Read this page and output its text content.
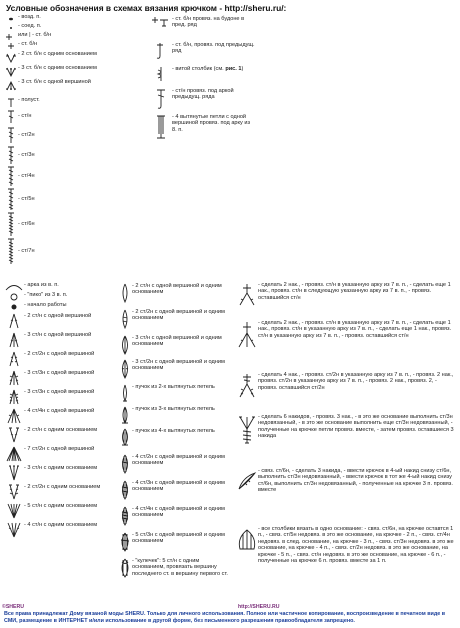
Условные обозначения в схемах вязания крючком - http://sheru.ru/:
- возд. п.
- соед. п.
или | - ст. б/н
- ст. б/н
- 2 ст. б/н с одним основанием
- 3 ст. б/н с одним основанием
- 3 ст. б/н с одной вершиной
- полуст.
- ст/н
- ст/2н
- ст/3н
- ст/4н
- ст/5н
- ст/6н
- ст/7н
- ст. б/н провяз. на будоне в пред. ряд
- ст. б/н, провяз. под предыдущ. ряд
- витой столбик (см. рис. 1)
- ст/н провяз. под аркой предыдущ. ряда
- 4 вытянутые петли с одной вершиной провяз. под арку из 8. п.
- арка из в. п.
- "пико" из 3 в. п.
- начало работы
- 2 ст/н с одной вершиной
- 3 ст/н с одной вершиной
- 2 ст/2н с одной вершиной
- 3 ст/3н с одной вершиной
- 3 ст/3н с одной вершиной
- 4 ст/4н с одной вершиной
- 2 ст/н с одним основанием
- 7 ст/2н с одной вершиной
- 3 ст/н с одним основанием
- 2 ст/2н с одним основанием
- 5 ст/н с одним основанием
- 4 ст/н с одним основанием
- 2 ст/н с одной вершиной и одним основанием
- 2 ст/2н с одной вершиной и одним основанием
- 3 ст/н с одной вершиной и одним основанием
- 3 ст/2н с одной вершиной и одним основанием
- пучок из 2-х вытянутых петель
- пучок из 3-х вытянутых петель
- пучок из 4-х вытянутых петель
- 4 ст/2н с одной вершиной и одним основанием
- 4 ст/3н с одной вершиной и одним основанием
- 4 ст/4н с одной вершиной и одним основанием
- 5 ст/3н с одной вершиной и одним основанием
- "кулечек": 5 ст/н с одним основанием, провязать вершину последнего ст. в вершину первого ст.
- сделать 2 нак., - провяз. ст/н в указанную арку из 7 в. п., - сделать еще 1 нак., провяз. ст/н в следующую указанную арку из 7 в. п., - провяз. оставшийся ст/н
- сделать 2 нак., - провяз. ст/н в указанную арку из 7 в. п., - сделать еще 1 нак., провяз. ст/н в указанную арку из 7 в. п., - сделать еще 1 нак., провяз. ст/н в указанную арку из 7 в. п., - провяз. оставшийся ст/н
- сделать 4 нак., - провяз. ст/2н в указанную арку из 7 в. п., - провяз. 2 нак., провяз. ст/2н в указанную арку из 7 в. п., - провяз. 2 нак., провяз. 2, - провяз. оставшийся ст/2н
- сделать 6 накидов, - провяз. 3 нак., - в это же основание выполнить ст/3н недовязанный, - в это же основание выполнить еще ст/3н недовязанный, - полученные на крючке петли провяз. вместе, - затем провяз. оставшиеся 3 накида
- связ. ст/6н, - сделать 3 накида, - ввести крючок в 4-ый накид снизу ст/6н, выполнить ст/3н недовязанный, - ввести крючок в тот же 4-ый накид снизу ст/6н, выполнить ст/3н недовязанный, - полученные на крючке 3 п. провяз. вместе
- все столбики вязать в одно основание: - связ. ст/6н, на крючке оставтся 1 п., - связ. ст/5н недовяз. в это же основание, на крючке - 2 п., - связ. ст/4н недовяз. в след. основание, на крючке - 3 п., - связ. ст/3н недовяз. в это же основание, на крючке - 4 п., - связ. ст/2н недовяз. в это же основание, на крючке - 5 п., - связ. ст/н недовяз. в это же основание, на крючке - 6 п., - полученные на крючке 6 п. провяз. вместе за 1 п.
©SHERU	http://SHERU.RU
Все права принадлежат Дому вязаной моды SHERU. Только для личного использования. Полное или частичное копирование, воспроизведение в печатном виде в СМИ, размещение в ИНТЕРНЕТ и/или использование в другой форме, без письменного разрешения правообладателя запрещено.
